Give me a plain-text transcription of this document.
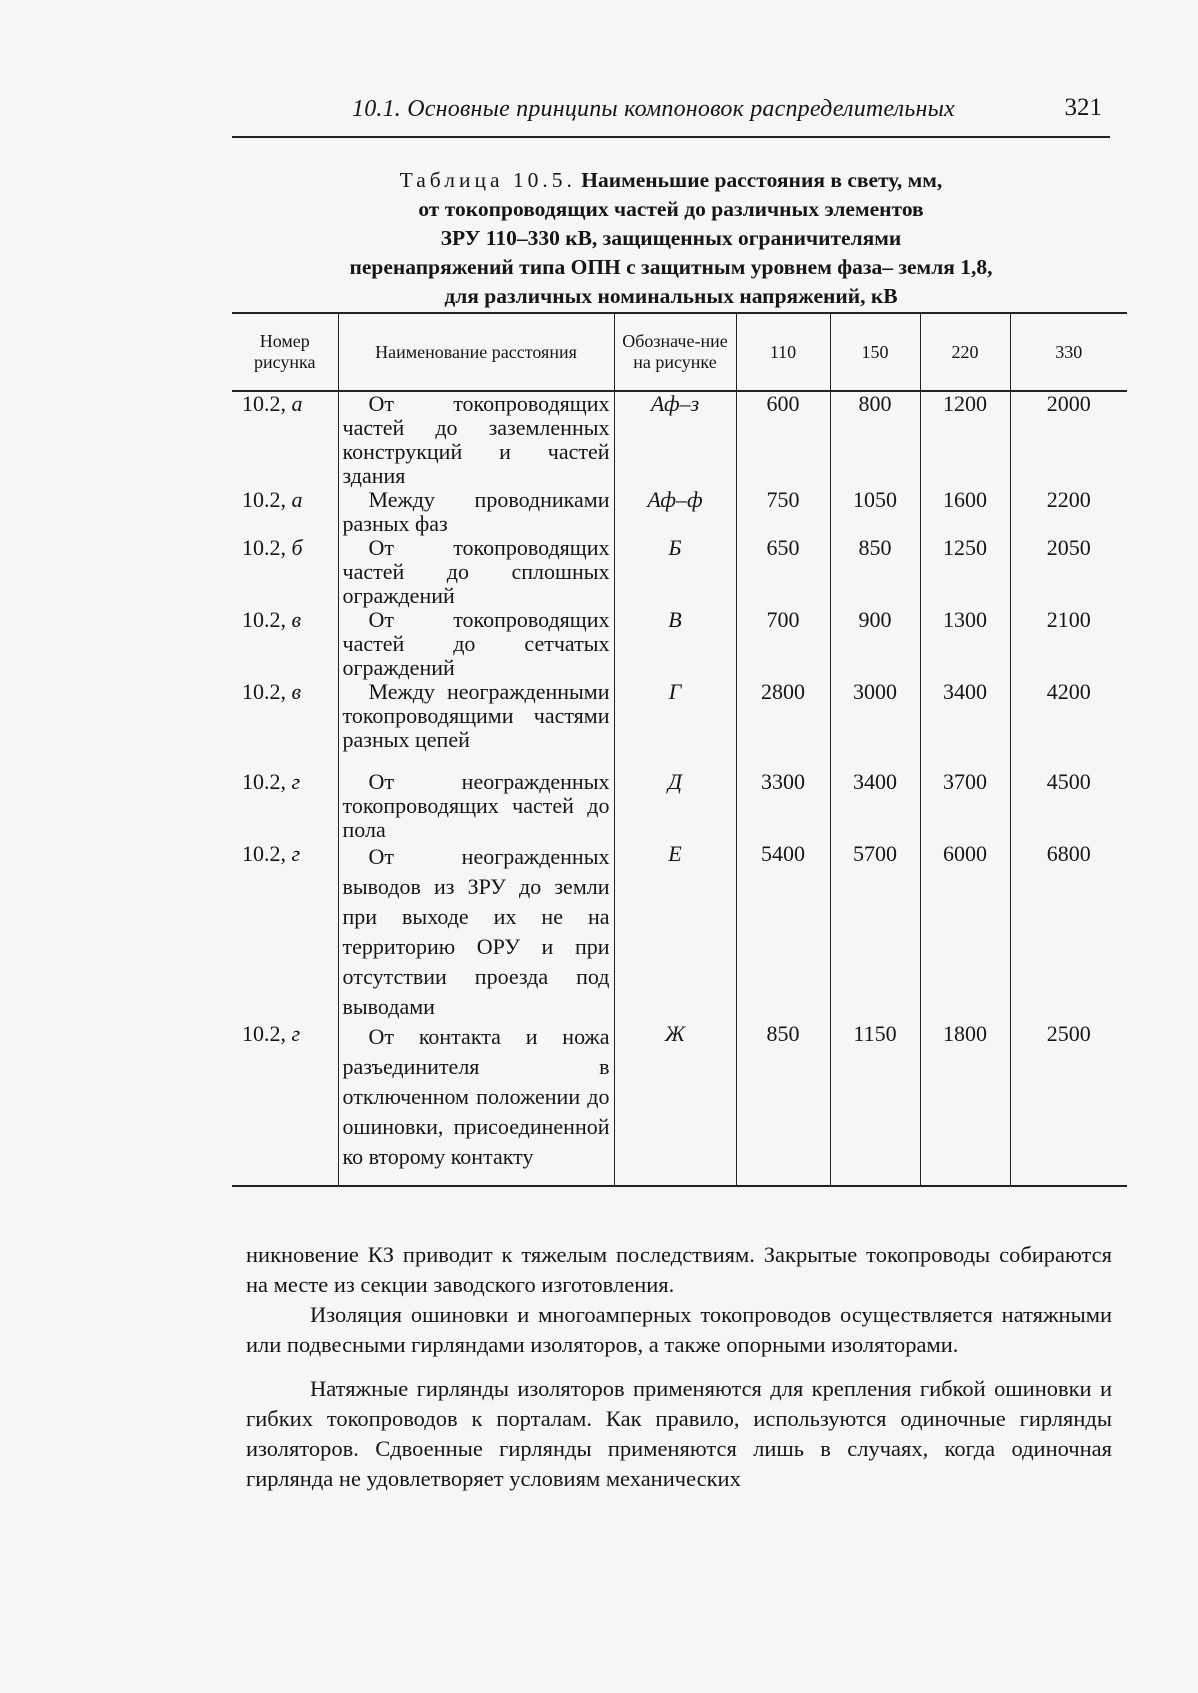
10.1. Основные принципы компоновок распределительных	321
Таблица 10.5. Наименьшие расстояния в свету, мм,
от токопроводящих частей до различных элементов
ЗРУ 110–330 кВ, защищенных ограничителями
перенапряжений типа ОПН с защитным уровнем фаза– земля 1,8,
для различных номинальных напряжений, кВ
Номер рисунка	Наименование расстояния	Обозначе-ние на рисунке	110	150	220	330
10.2, а	От токопроводящих частей до заземленных конструкций и частей здания	Аф–з	600	800	1200	2000
10.2, а	Между проводниками разных фаз	Аф–ф	750	1050	1600	2200
10.2, б	От токопроводящих частей до сплошных ограждений	Б	650	850	1250	2050
10.2, в	От токопроводящих частей до сетчатых ограждений	В	700	900	1300	2100
10.2, в	Между неогражденными токопроводящими частями разных цепей	Г	2800	3000	3400	4200
10.2, г	От неогражденных токопроводящих частей до пола	Д	3300	3400	3700	4500
10.2, г	От неогражденных выводов из ЗРУ до земли при выходе их не на территорию ОРУ и при отсутствии проезда под выводами	Е	5400	5700	6000	6800
10.2, г	От контакта и ножа разъединителя в отключенном положении до ошиновки, присоединенной ко второму контакту	Ж	850	1150	1800	2500

никновение КЗ приводит к тяжелым последствиям. Закрытые токопроводы собираются на месте из секции заводского изготовления.

Изоляция ошиновки и многоамперных токопроводов осуществляется натяжными или подвесными гирляндами изоляторов, а также опорными изоляторами.

Натяжные гирлянды изоляторов применяются для крепления гибкой ошиновки и гибких токопроводов к порталам. Как правило, используются одиночные гирлянды изоляторов. Сдвоенные гирлянды применяются лишь в случаях, когда одиночная гирлянда не удовлетворяет условиям механических
